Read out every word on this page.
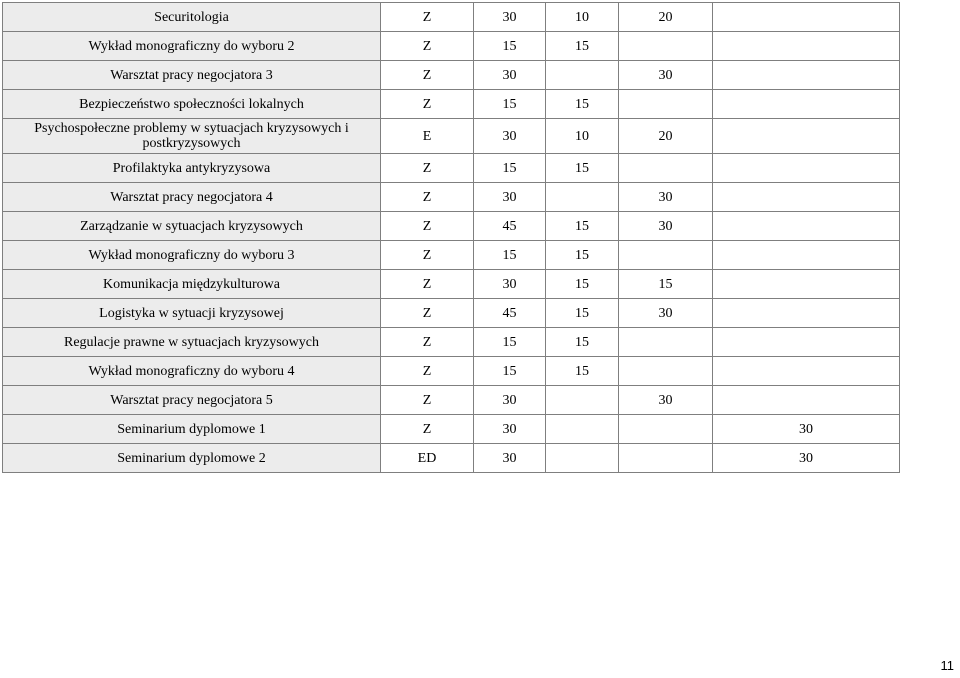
Securitologia	Z	30	10	20	
Wykład monograficzny do wyboru 2	Z	15	15		
Warsztat pracy negocjatora 3	Z	30		30	
Bezpieczeństwo społeczności lokalnych	Z	15	15		
Psychospołeczne problemy w sytuacjach kryzysowych i postkryzysowych	E	30	10	20	
Profilaktyka antykryzysowa	Z	15	15		
Warsztat pracy negocjatora 4	Z	30		30	
Zarządzanie w sytuacjach kryzysowych	Z	45	15	30	
Wykład monograficzny do wyboru 3	Z	15	15		
Komunikacja międzykulturowa	Z	30	15	15	
Logistyka w sytuacji kryzysowej	Z	45	15	30	
Regulacje prawne w sytuacjach kryzysowych	Z	15	15		
Wykład monograficzny do wyboru 4	Z	15	15		
Warsztat pracy negocjatora 5	Z	30		30	
Seminarium dyplomowe 1	Z	30			30
Seminarium dyplomowe 2	ED	30			30
11
